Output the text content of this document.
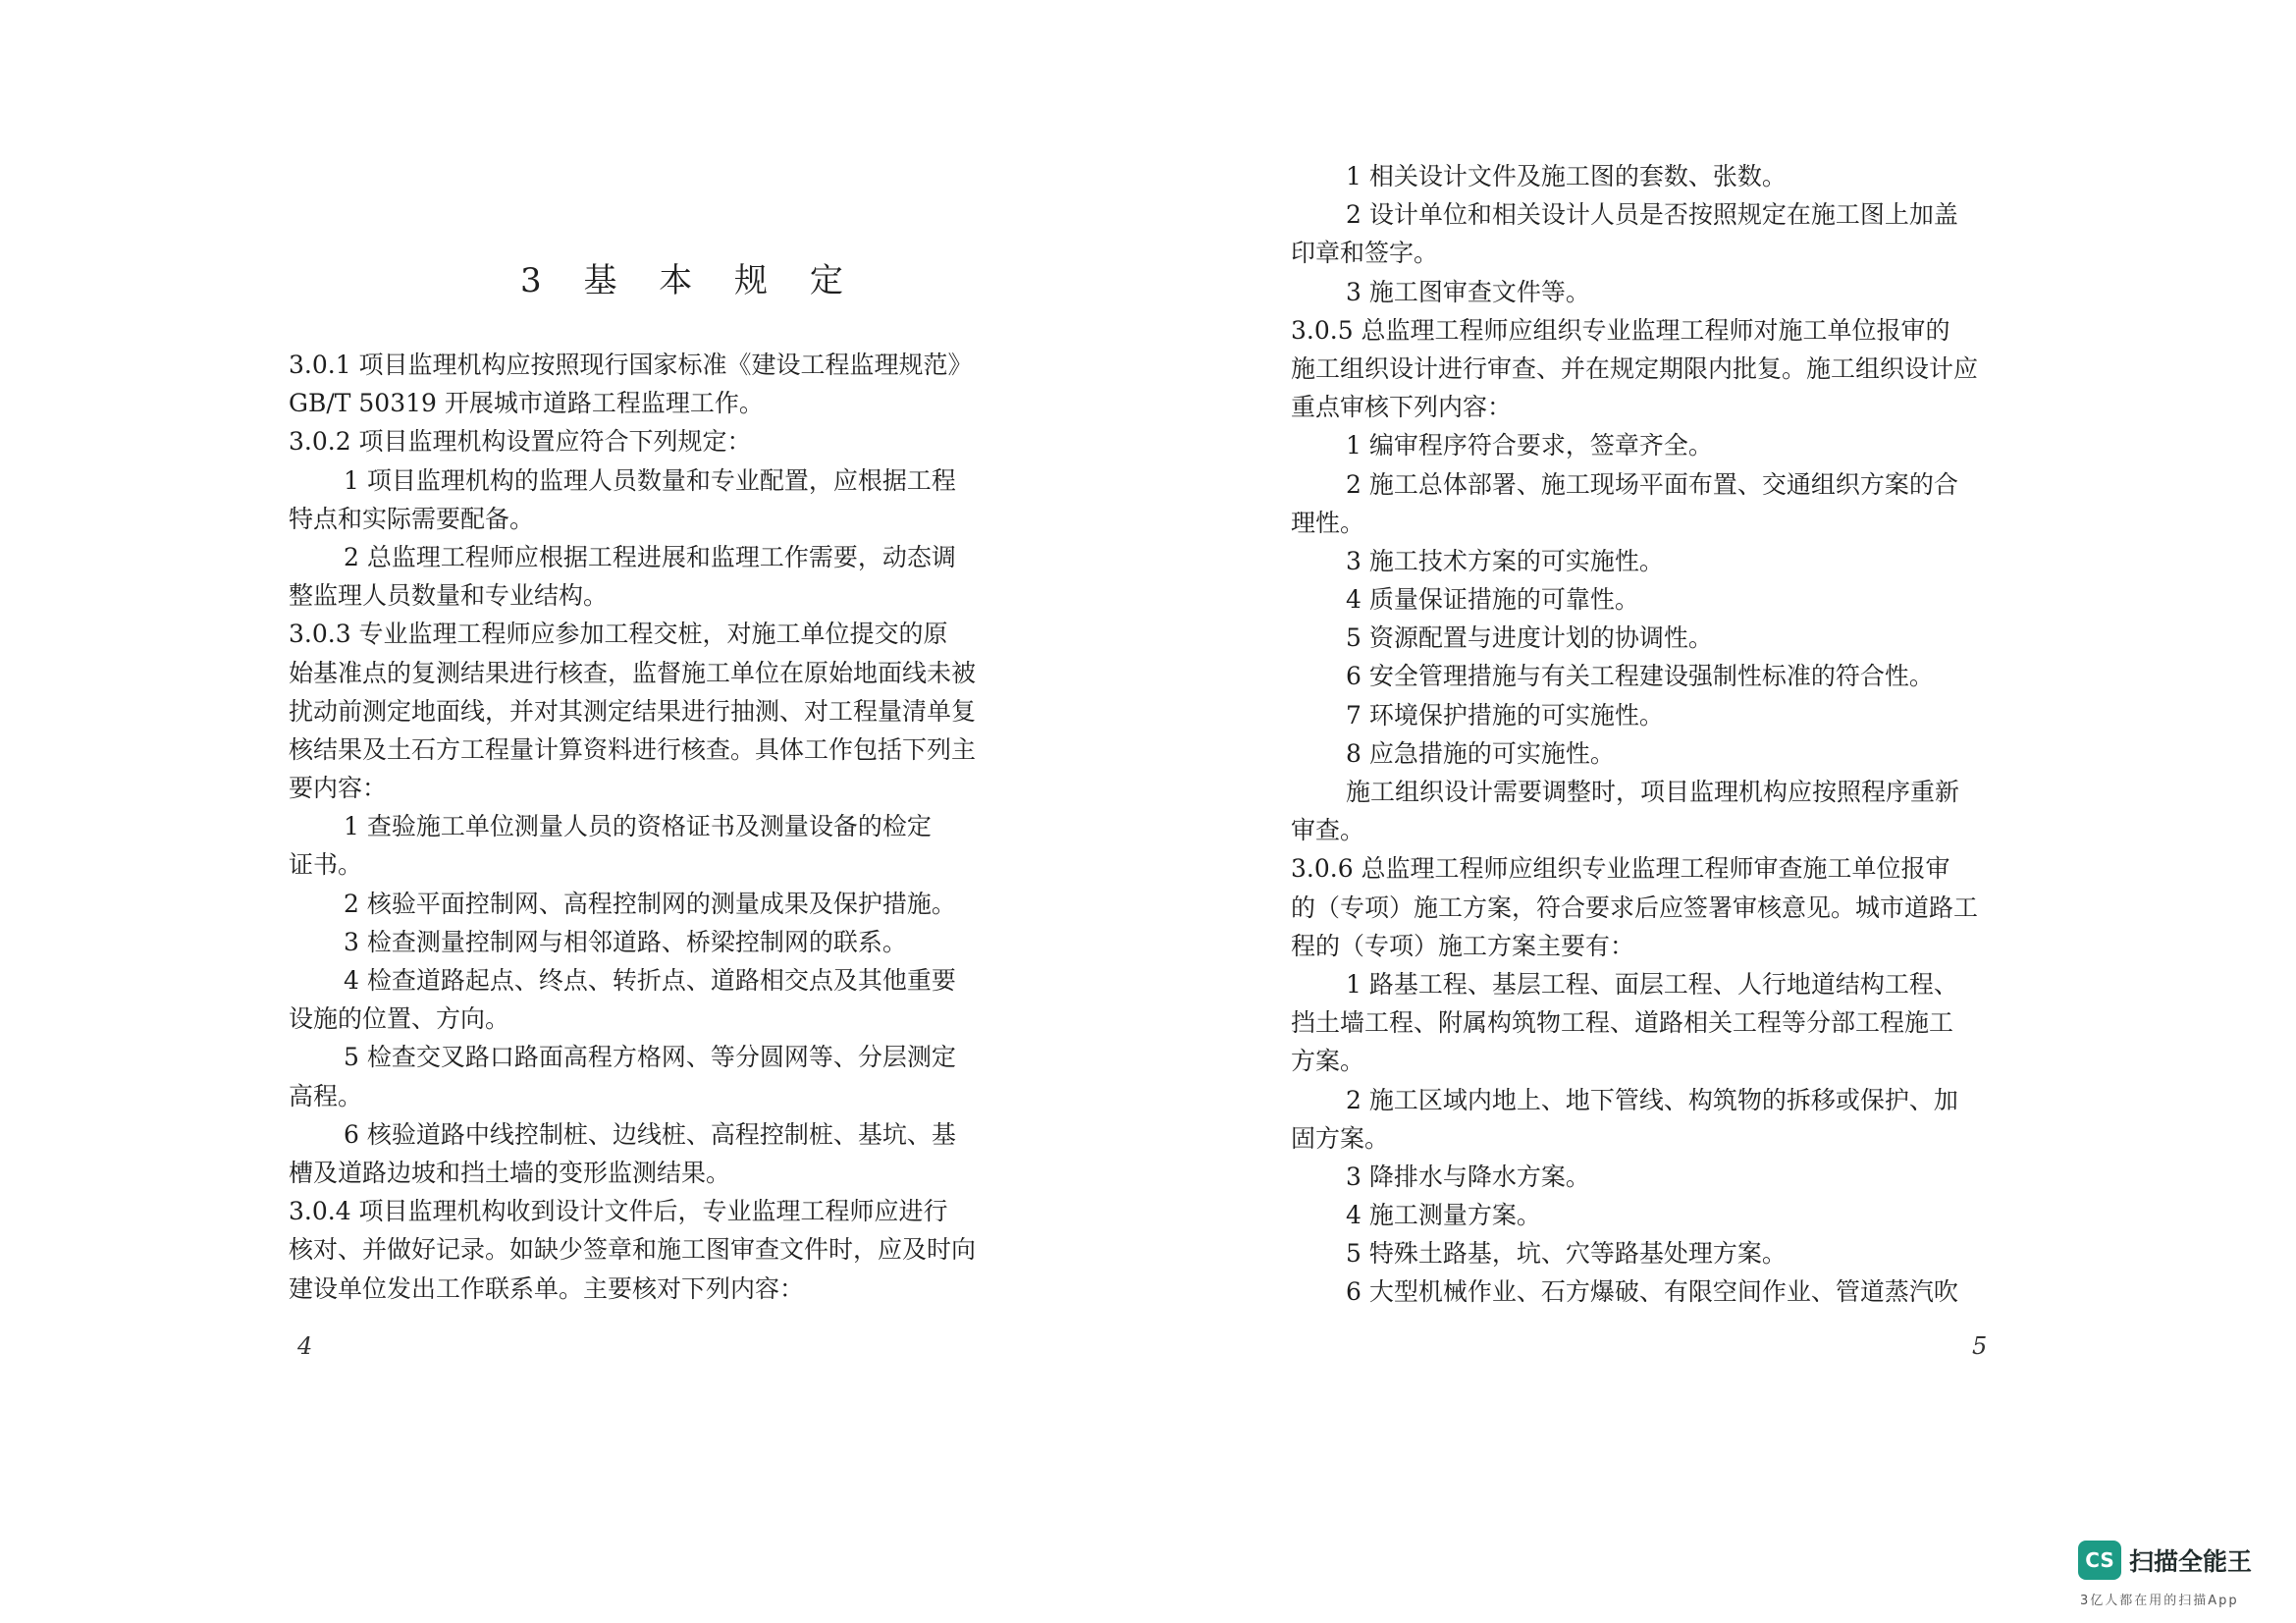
3 基 本 规 定
3.0.1 项目监理机构应按照现行国家标准《建设工程监理规范》
GB/T 50319 开展城市道路工程监理工作。
3.0.2 项目监理机构设置应符合下列规定：
1 项目监理机构的监理人员数量和专业配置，应根据工程
特点和实际需要配备。
2 总监理工程师应根据工程进展和监理工作需要，动态调
整监理人员数量和专业结构。
3.0.3 专业监理工程师应参加工程交桩，对施工单位提交的原
始基准点的复测结果进行核查，监督施工单位在原始地面线未被
扰动前测定地面线，并对其测定结果进行抽测、对工程量清单复
核结果及土石方工程量计算资料进行核查。具体工作包括下列主
要内容：
1 查验施工单位测量人员的资格证书及测量设备的检定
证书。
2 核验平面控制网、高程控制网的测量成果及保护措施。
3 检查测量控制网与相邻道路、桥梁控制网的联系。
4 检查道路起点、终点、转折点、道路相交点及其他重要
设施的位置、方向。
5 检查交叉路口路面高程方格网、等分圆网等、分层测定
高程。
6 核验道路中线控制桩、边线桩、高程控制桩、基坑、基
槽及道路边坡和挡土墙的变形监测结果。
3.0.4 项目监理机构收到设计文件后，专业监理工程师应进行
核对、并做好记录。如缺少签章和施工图审查文件时，应及时向
建设单位发出工作联系单。主要核对下列内容：
4
1 相关设计文件及施工图的套数、张数。
2 设计单位和相关设计人员是否按照规定在施工图上加盖
印章和签字。
3 施工图审查文件等。
3.0.5 总监理工程师应组织专业监理工程师对施工单位报审的
施工组织设计进行审查、并在规定期限内批复。施工组织设计应
重点审核下列内容：
1 编审程序符合要求，签章齐全。
2 施工总体部署、施工现场平面布置、交通组织方案的合
理性。
3 施工技术方案的可实施性。
4 质量保证措施的可靠性。
5 资源配置与进度计划的协调性。
6 安全管理措施与有关工程建设强制性标准的符合性。
7 环境保护措施的可实施性。
8 应急措施的可实施性。
施工组织设计需要调整时，项目监理机构应按照程序重新
审查。
3.0.6 总监理工程师应组织专业监理工程师审查施工单位报审
的（专项）施工方案，符合要求后应签署审核意见。城市道路工
程的（专项）施工方案主要有：
1 路基工程、基层工程、面层工程、人行地道结构工程、
挡土墙工程、附属构筑物工程、道路相关工程等分部工程施工
方案。
2 施工区域内地上、地下管线、构筑物的拆移或保护、加
固方案。
3 降排水与降水方案。
4 施工测量方案。
5 特殊土路基，坑、穴等路基处理方案。
6 大型机械作业、石方爆破、有限空间作业、管道蒸汽吹
5
CS 扫描全能王
3亿人都在用的扫描App
